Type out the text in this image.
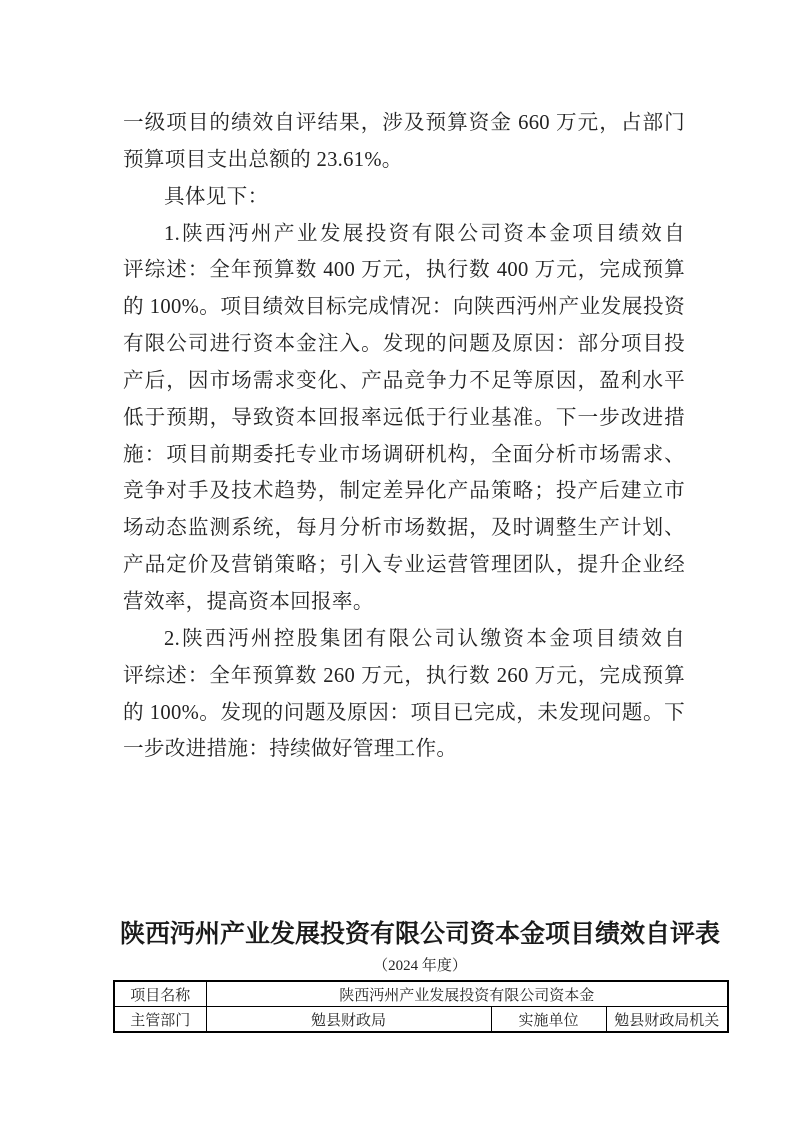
一级项目的绩效自评结果，涉及预算资金 660 万元，占部门
预算项目支出总额的 23.61%。
具体见下：
1.陕西沔州产业发展投资有限公司资本金项目绩效自
评综述：全年预算数 400 万元，执行数 400 万元，完成预算
的 100%。项目绩效目标完成情况：向陕西沔州产业发展投资
有限公司进行资本金注入。发现的问题及原因：部分项目投
产后，因市场需求变化、产品竞争力不足等原因，盈利水平
低于预期，导致资本回报率远低于行业基准。下一步改进措
施：项目前期委托专业市场调研机构，全面分析市场需求、
竞争对手及技术趋势，制定差异化产品策略；投产后建立市
场动态监测系统，每月分析市场数据，及时调整生产计划、
产品定价及营销策略；引入专业运营管理团队，提升企业经
营效率，提高资本回报率。
2.陕西沔州控股集团有限公司认缴资本金项目绩效自
评综述：全年预算数 260 万元，执行数 260 万元，完成预算
的 100%。发现的问题及原因：项目已完成，未发现问题。下
一步改进措施：持续做好管理工作。
陕西沔州产业发展投资有限公司资本金项目绩效自评表
（2024 年度）
项目名称	陕西沔州产业发展投资有限公司资本金		
主管部门	勉县财政局	实施单位	勉县财政局机关
